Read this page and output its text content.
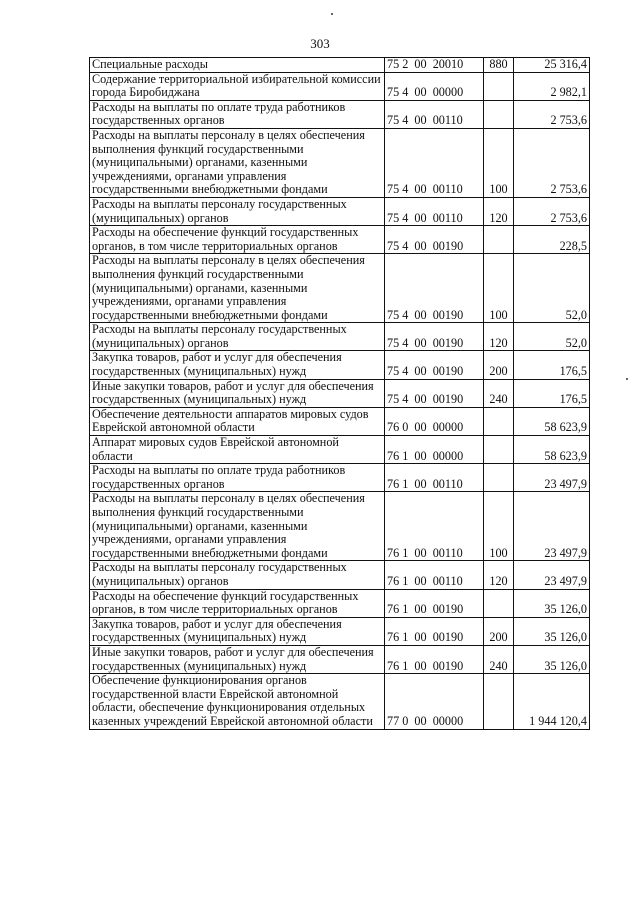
303
Специальные расходы	75 2  00  20010	880	25 316,4
Содержание территориальной избирательной комиссии города Биробиджана	75 4  00  00000		2 982,1
Расходы на выплаты по оплате труда работников государственных органов	75 4  00  00110		2 753,6
Расходы на выплаты персоналу в целях обеспечения выполнения функций государственными (муниципальными) органами, казенными учреждениями, органами управления государственными внебюджетными фондами	75 4  00  00110	100	2 753,6
Расходы на выплаты персоналу государственных (муниципальных) органов	75 4  00  00110	120	2 753,6
Расходы на обеспечение функций государственных органов, в том числе территориальных органов	75 4  00  00190		228,5
Расходы на выплаты персоналу в целях обеспечения выполнения функций государственными (муниципальными) органами, казенными учреждениями, органами управления государственными внебюджетными фондами	75 4  00  00190	100	52,0
Расходы на выплаты персоналу государственных (муниципальных) органов	75 4  00  00190	120	52,0
Закупка товаров, работ и услуг для обеспечения государственных (муниципальных) нужд	75 4  00  00190	200	176,5
Иные закупки товаров, работ и услуг для обеспечения государственных (муниципальных) нужд	75 4  00  00190	240	176,5
Обеспечение деятельности аппаратов мировых судов Еврейской автономной области	76 0  00  00000		58 623,9
Аппарат мировых судов Еврейской автономной области	76 1  00  00000		58 623,9
Расходы на выплаты по оплате труда работников государственных органов	76 1  00  00110		23 497,9
Расходы на выплаты персоналу в целях обеспечения выполнения функций государственными (муниципальными) органами, казенными учреждениями, органами управления государственными внебюджетными фондами	76 1  00  00110	100	23 497,9
Расходы на выплаты персоналу государственных (муниципальных) органов	76 1  00  00110	120	23 497,9
Расходы на обеспечение функций государственных органов, в том числе территориальных органов	76 1  00  00190		35 126,0
Закупка товаров, работ и услуг для обеспечения государственных (муниципальных) нужд	76 1  00  00190	200	35 126,0
Иные закупки товаров, работ и услуг для обеспечения государственных (муниципальных) нужд	76 1  00  00190	240	35 126,0
Обеспечение функционирования органов государственной власти Еврейской автономной области, обеспечение функционирования отдельных казенных учреждений Еврейской автономной области	77 0  00  00000		1 944 120,4
